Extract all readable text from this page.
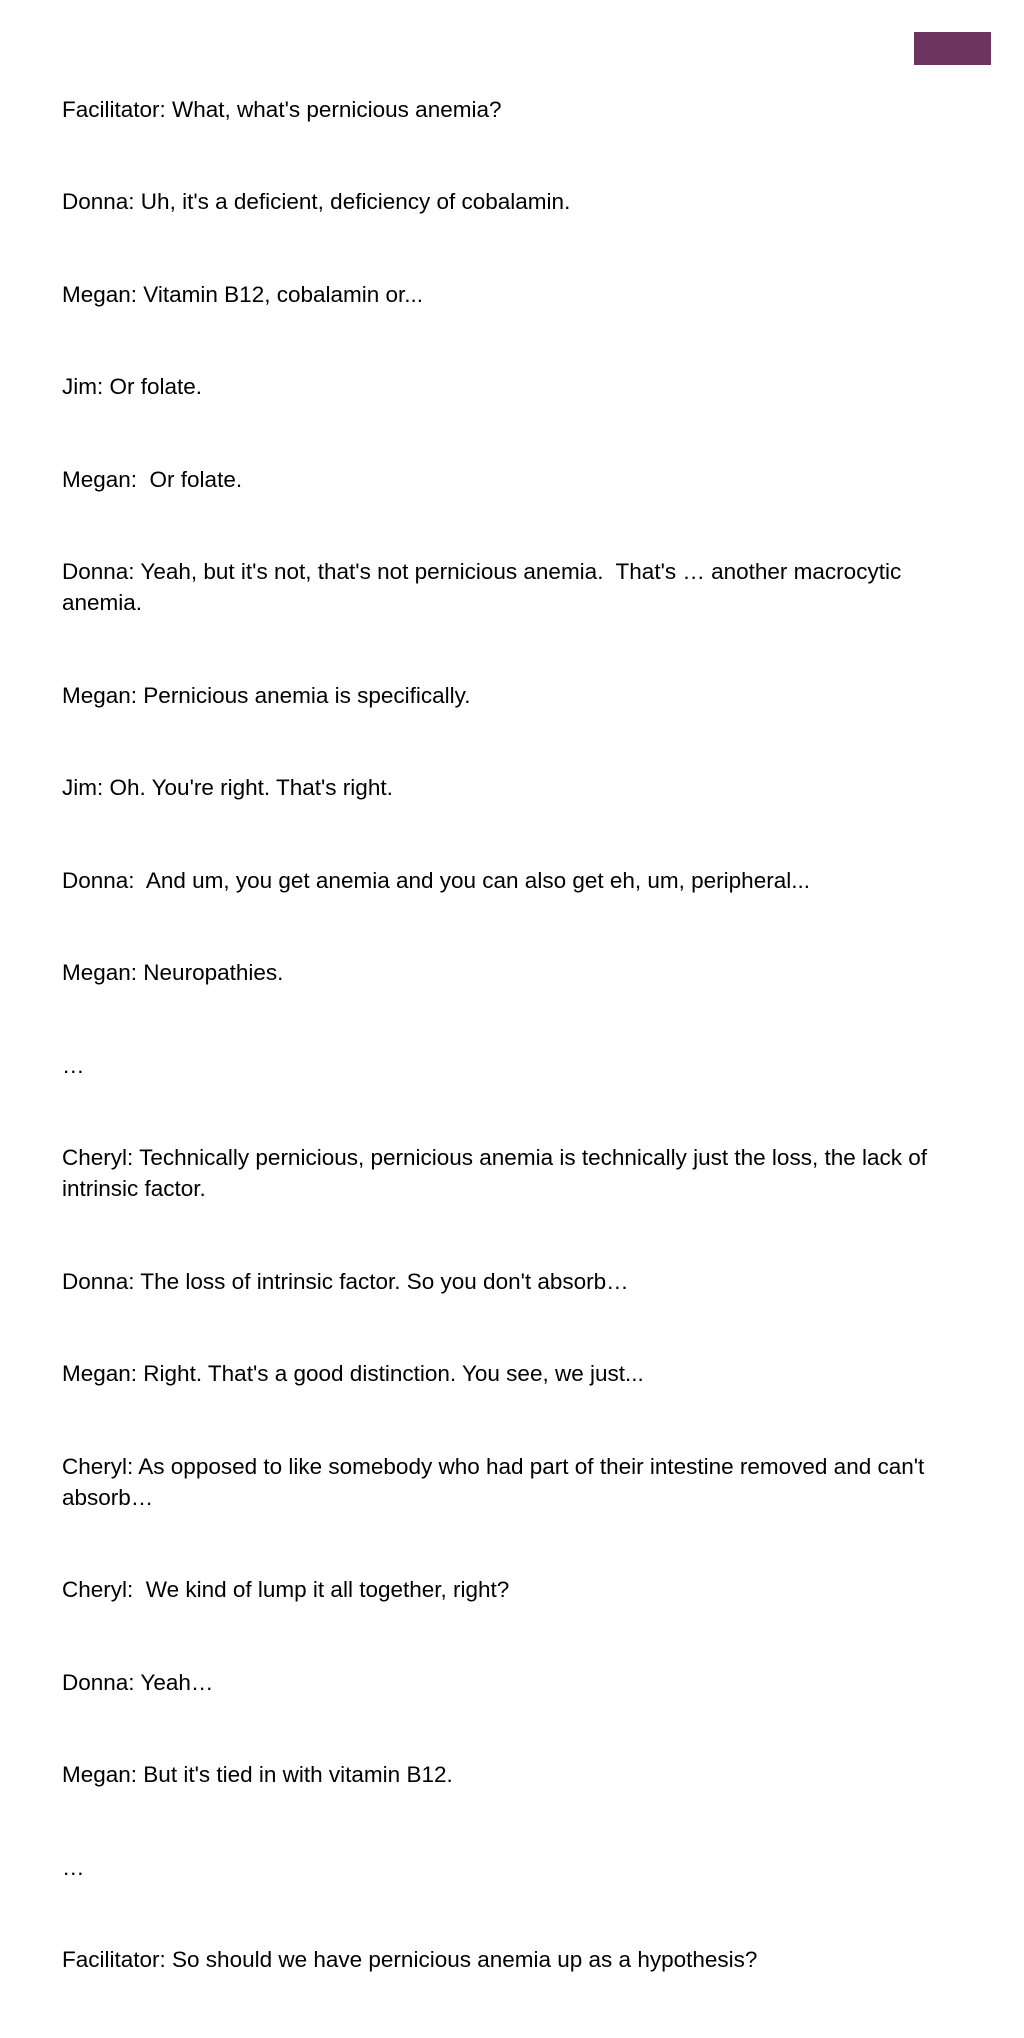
Facilitator: What, what's pernicious anemia?

Donna: Uh, it's a deficient, deficiency of cobalamin.

Megan: Vitamin B12, cobalamin or...

Jim: Or folate.

Megan:  Or folate.

Donna: Yeah, but it's not, that's not pernicious anemia.  That's … another macrocytic anemia.

Megan: Pernicious anemia is specifically.

Jim: Oh. You're right. That's right.

Donna:  And um, you get anemia and you can also get eh, um, peripheral...

Megan: Neuropathies.

…

Cheryl: Technically pernicious, pernicious anemia is technically just the loss, the lack of intrinsic factor.

Donna: The loss of intrinsic factor. So you don't absorb…

Megan: Right. That's a good distinction. You see, we just...

Cheryl: As opposed to like somebody who had part of their intestine removed and can't absorb…

Cheryl:  We kind of lump it all together, right?

Donna: Yeah…

Megan: But it's tied in with vitamin B12.

…

Facilitator: So should we have pernicious anemia up as a hypothesis?
